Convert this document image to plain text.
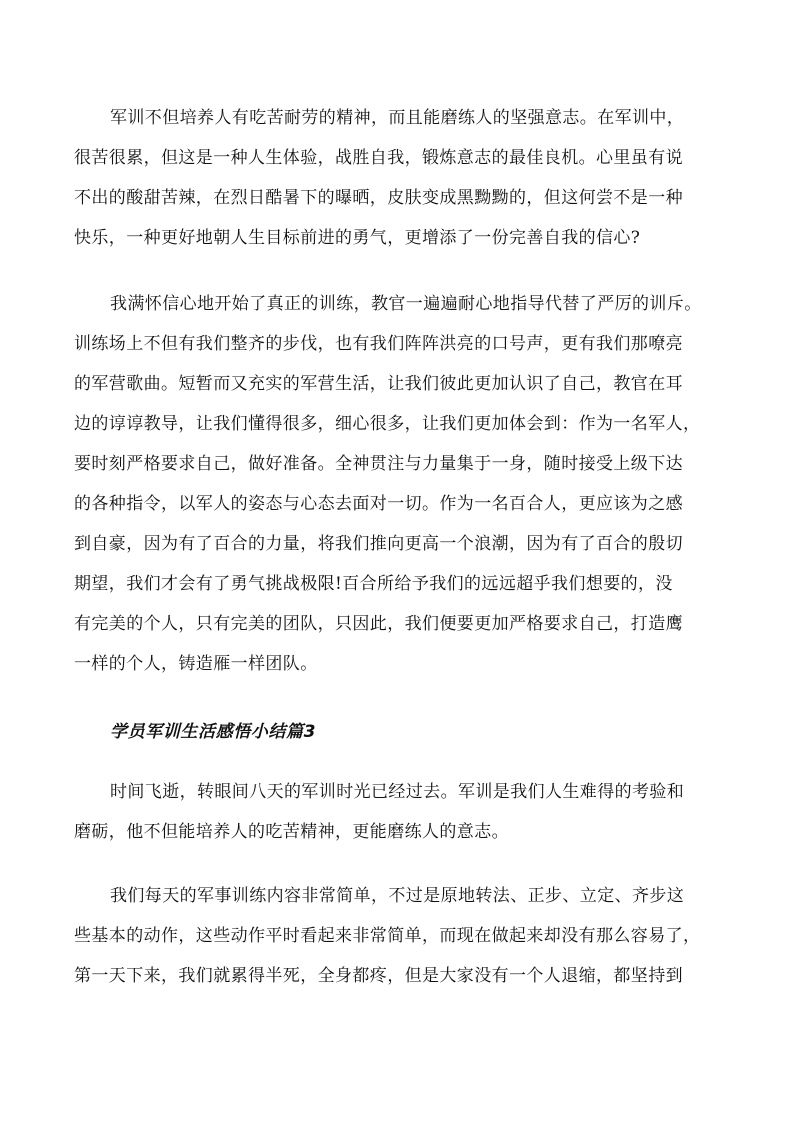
军训不但培养人有吃苦耐劳的精神，而且能磨练人的坚强意志。在军训中，
很苦很累，但这是一种人生体验，战胜自我，锻炼意志的最佳良机。心里虽有说
不出的酸甜苦辣，在烈日酷暑下的曝晒，皮肤变成黑黝黝的，但这何尝不是一种
快乐，一种更好地朝人生目标前进的勇气，更增添了一份完善自我的信心?
我满怀信心地开始了真正的训练，教官一遍遍耐心地指导代替了严厉的训斥。
训练场上不但有我们整齐的步伐，也有我们阵阵洪亮的口号声，更有我们那嘹亮
的军营歌曲。短暂而又充实的军营生活，让我们彼此更加认识了自己，教官在耳
边的谆谆教导，让我们懂得很多，细心很多，让我们更加体会到：作为一名军人，
要时刻严格要求自己，做好准备。全神贯注与力量集于一身，随时接受上级下达
的各种指令，以军人的姿态与心态去面对一切。作为一名百合人，更应该为之感
到自豪，因为有了百合的力量，将我们推向更高一个浪潮，因为有了百合的殷切
期望，我们才会有了勇气挑战极限!百合所给予我们的远远超乎我们想要的，没
有完美的个人，只有完美的团队，只因此，我们便要更加严格要求自己，打造鹰
一样的个人，铸造雁一样团队。
学员军训生活感悟小结篇3
时间飞逝，转眼间八天的军训时光已经过去。军训是我们人生难得的考验和
磨砺，他不但能培养人的吃苦精神，更能磨练人的意志。
我们每天的军事训练内容非常简单，不过是原地转法、正步、立定、齐步这
些基本的动作，这些动作平时看起来非常简单，而现在做起来却没有那么容易了，
第一天下来，我们就累得半死，全身都疼，但是大家没有一个人退缩，都坚持到
